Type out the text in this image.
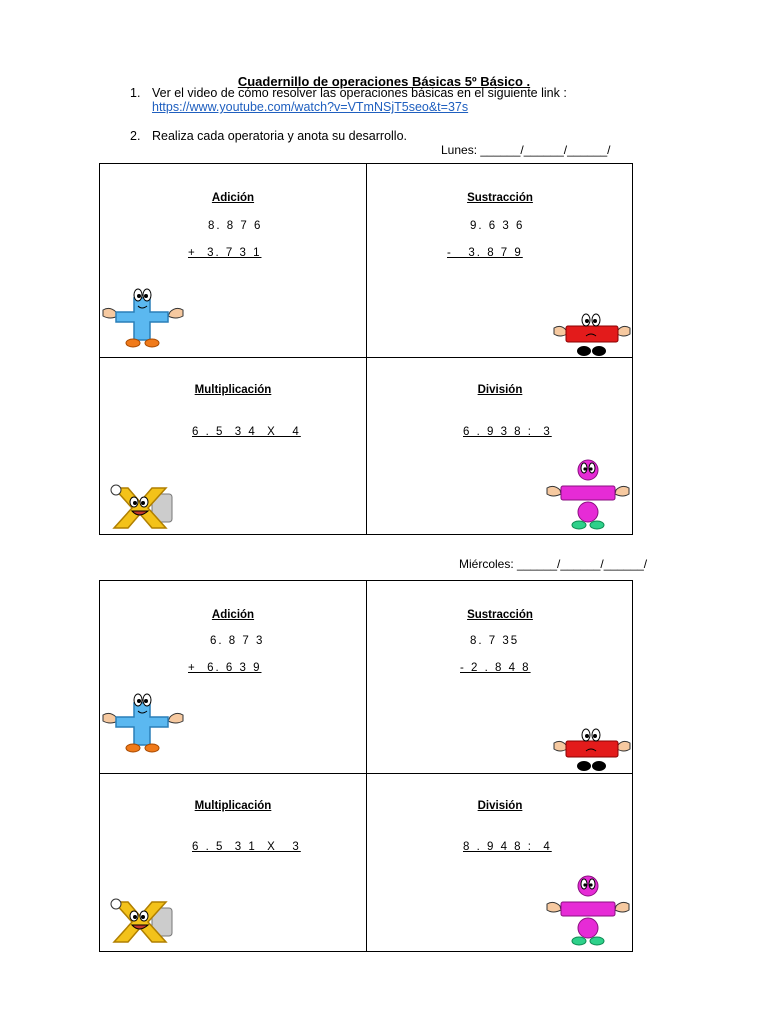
Cuadernillo de operaciones Básicas 5º Básico .
1. Ver el video de cómo resolver las operaciones básicas en el siguiente link :
https://www.youtube.com/watch?v=VTmNSjT5seo&t=37s
2. Realiza cada operatoria y anota su desarrollo.
Lunes: ______/______/______/
Adición
8. 8 7 6
+  3. 7 3 1
Sustracción
9. 6 3 6
-   3. 8 7 9
Multiplicación
6 . 5  3 4  X   4
División
6 . 9 3 8 :  3
Miércoles: ______/______/______/
Adición
6. 8 7 3
+  6. 6 3 9
Sustracción
8. 7 35
- 2 . 8 4 8
Multiplicación
6 . 5  3 1  X   3
División
8 . 9 4 8 :  4
